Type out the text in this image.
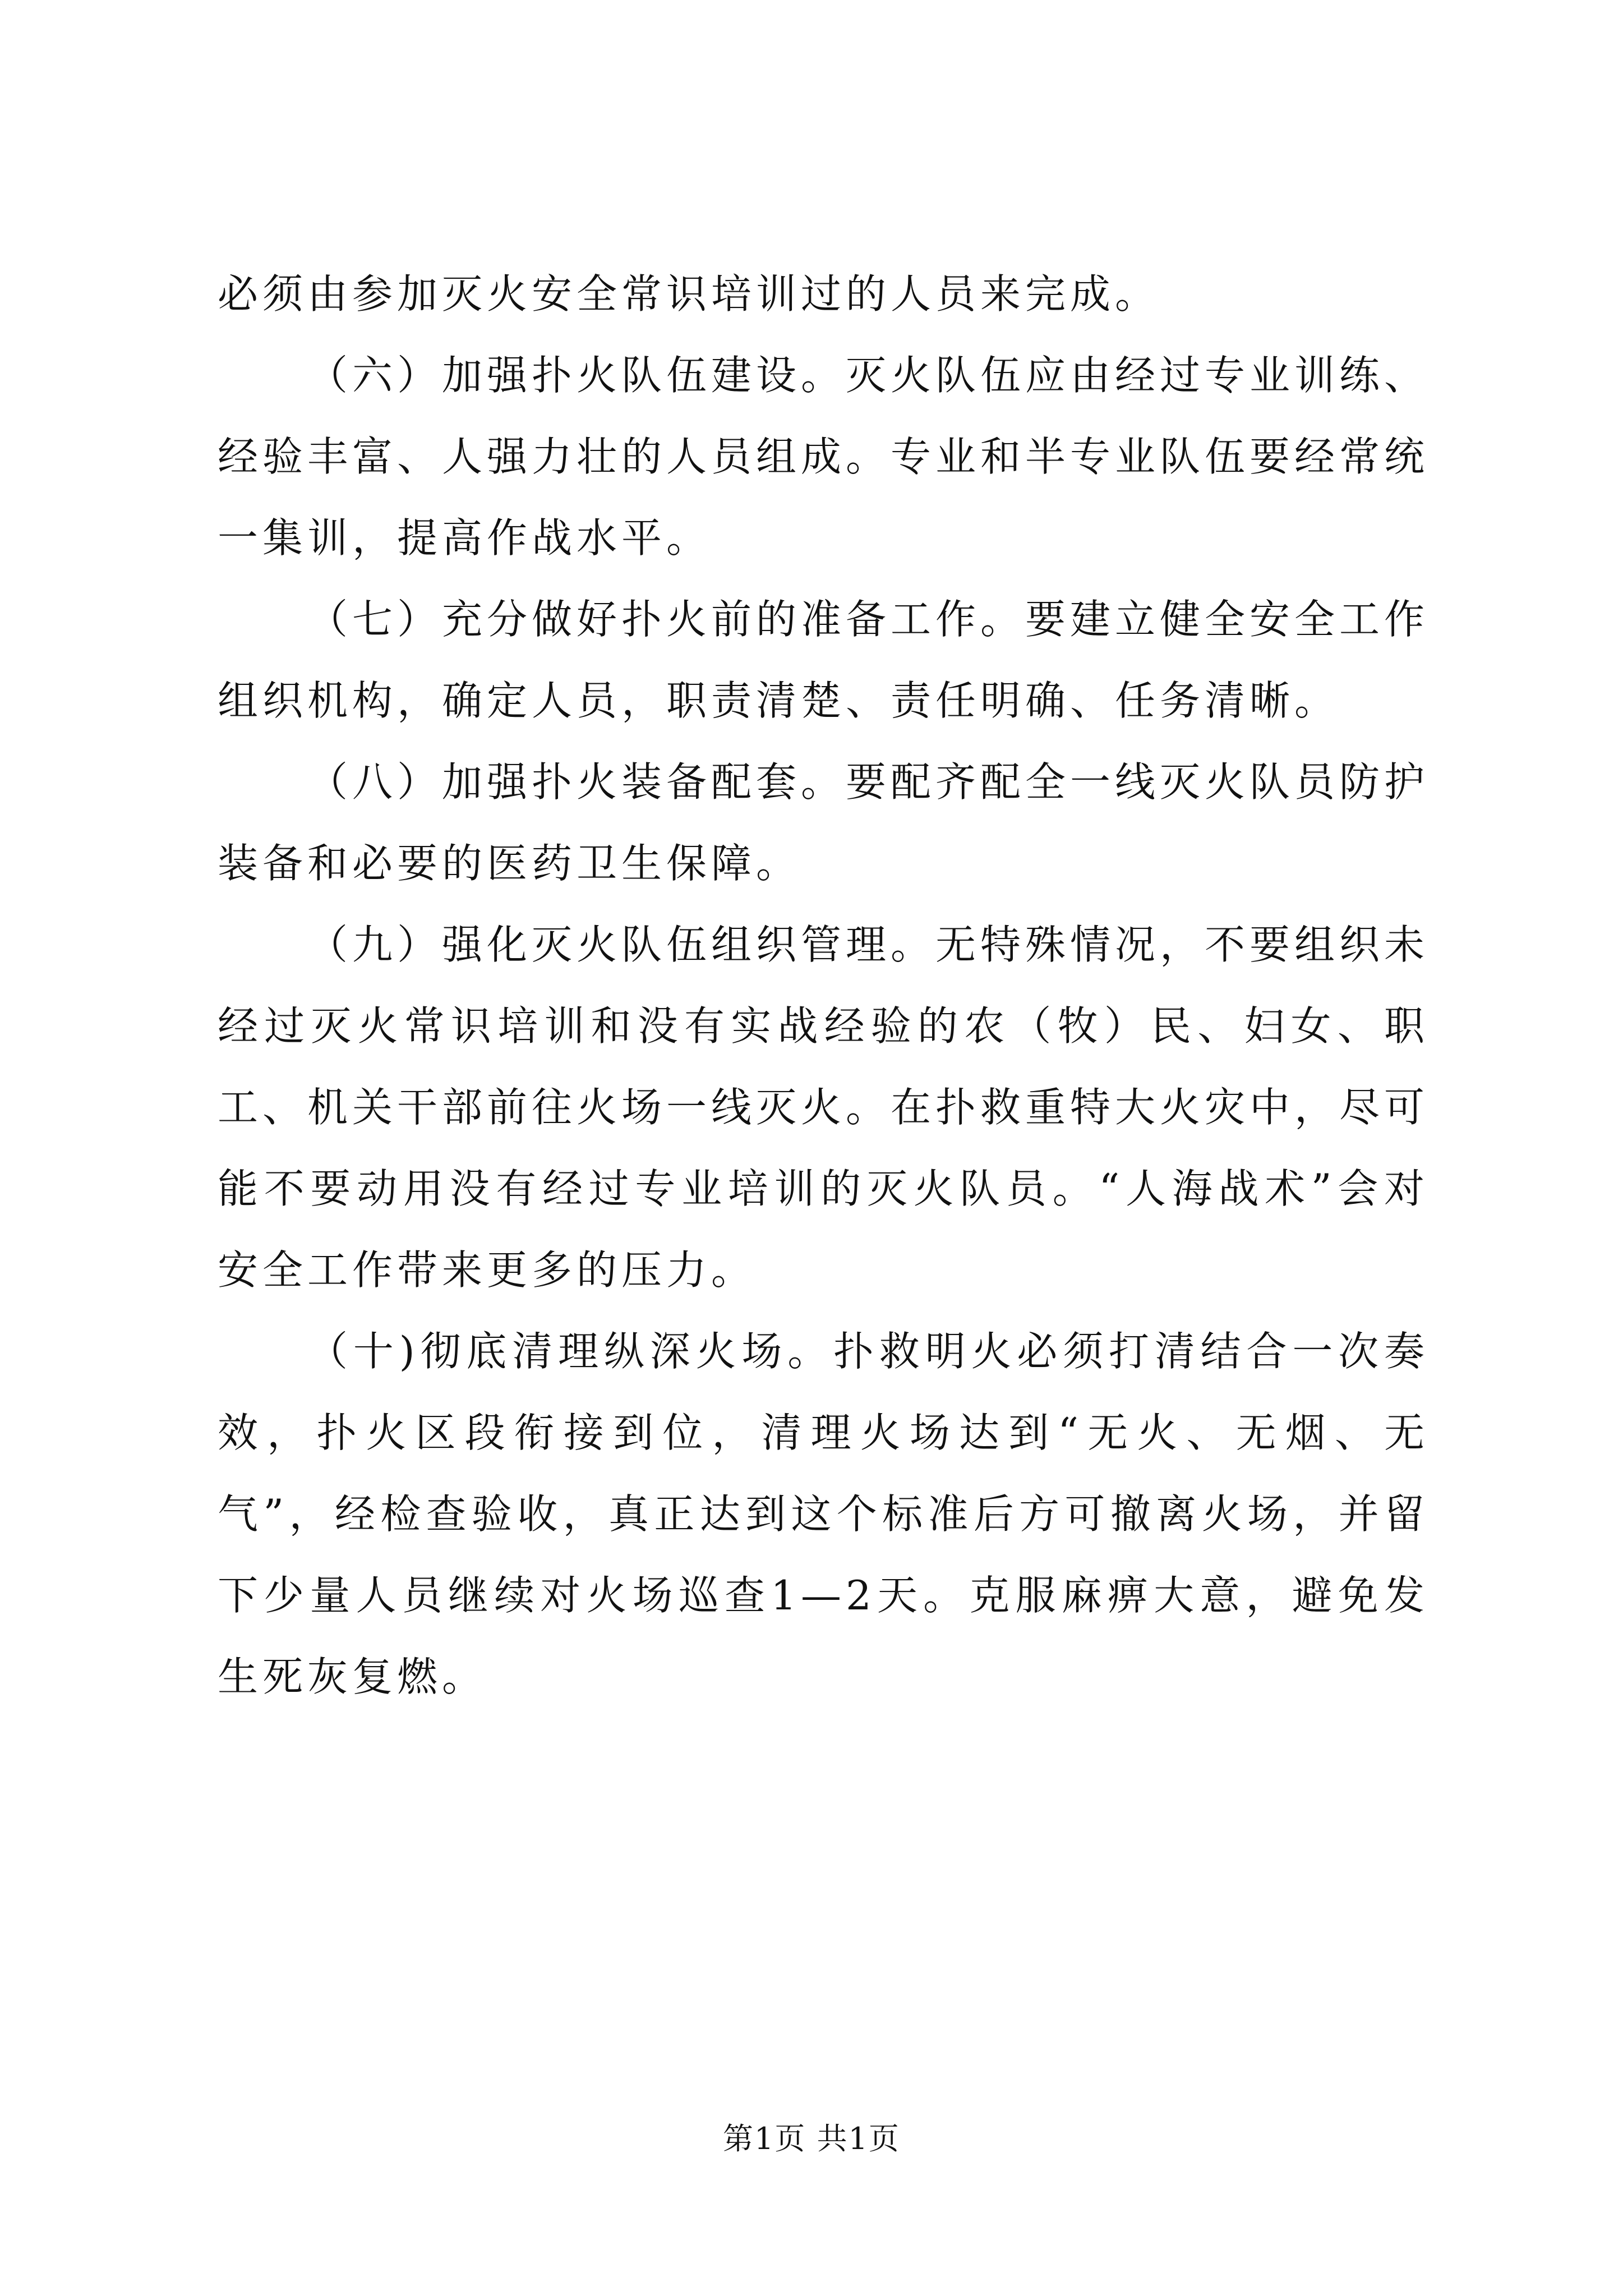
必须由参加灭火安全常识培训过的人员来完成。

（六）加强扑火队伍建设。灭火队伍应由经过专业训练、经验丰富、人强力壮的人员组成。专业和半专业队伍要经常统一集训，提高作战水平。

（七）充分做好扑火前的准备工作。要建立健全安全工作组织机构，确定人员，职责清楚、责任明确、任务清晰。

（八）加强扑火装备配套。要配齐配全一线灭火队员防护装备和必要的医药卫生保障。

（九）强化灭火队伍组织管理。无特殊情况，不要组织未经过灭火常识培训和没有实战经验的农（牧）民、妇女、职工、机关干部前往火场一线灭火。在扑救重特大火灾中，尽可能不要动用没有经过专业培训的灭火队员。“人海战术”会对安全工作带来更多的压力。

（十)彻底清理纵深火场。扑救明火必须打清结合一次奏效，扑火区段衔接到位，清理火场达到“无火、无烟、无气”，经检查验收，真正达到这个标准后方可撤离火场，并留下少量人员继续对火场巡查1—2天。克服麻痹大意，避免发生死灰复燃。

第1页 共1页
